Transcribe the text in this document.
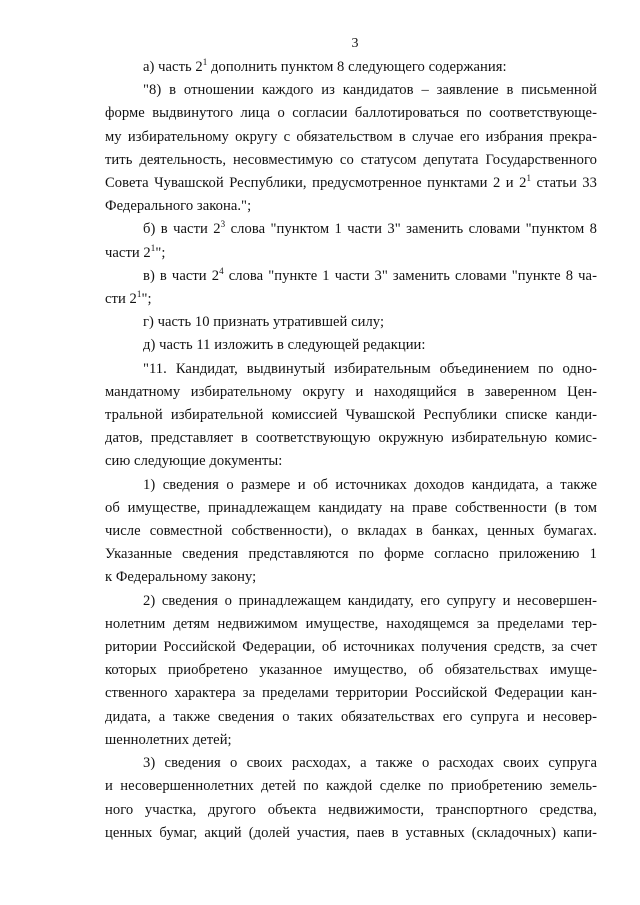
3

а) часть $2^1$ дополнить пунктом 8 следующего содержания:

"8) в отношении каждого из кандидатов – заявление в письменной
форме выдвинутого лица о согласии баллотироваться по соответствующе-
му избирательному округу с обязательством в случае его избрания прекра-
тить деятельность, несовместимую со статусом депутата Государственного
Совета Чувашской Республики, предусмотренное пунктами 2 и $2^1$ статьи 33
Федерального закона.";

б) в части $2^3$ слова "пунктом 1 части 3" заменить словами "пунктом 8
части $2^1$";

в) в части $2^4$ слова "пункте 1 части 3" заменить словами "пункте 8 ча-
сти $2^1$";

г) часть 10 признать утратившей силу;

д) часть 11 изложить в следующей редакции:

"11. Кандидат, выдвинутый избирательным объединением по одно-
мандатному избирательному округу и находящийся в заверенном Цен-
тральной избирательной комиссией Чувашской Республики списке канди-
датов, представляет в соответствующую окружную избирательную комис-
сию следующие документы:

1) сведения о размере и об источниках доходов кандидата, а также
об имуществе, принадлежащем кандидату на праве собственности (в том
числе совместной собственности), о вкладах в банках, ценных бумагах.
Указанные сведения представляются по форме согласно приложению 1
к Федеральному закону;

2) сведения о принадлежащем кандидату, его супругу и несовершен-
нолетним детям недвижимом имуществе, находящемся за пределами тер-
ритории Российской Федерации, об источниках получения средств, за счет
которых приобретено указанное имущество, об обязательствах имуще-
ственного характера за пределами территории Российской Федерации кан-
дидата, а также сведения о таких обязательствах его супруга и несовер-
шеннолетних детей;

3) сведения о своих расходах, а также о расходах своих супруга
и несовершеннолетних детей по каждой сделке по приобретению земель-
ного участка, другого объекта недвижимости, транспортного средства,
ценных бумаг, акций (долей участия, паев в уставных (складочных) капи-
